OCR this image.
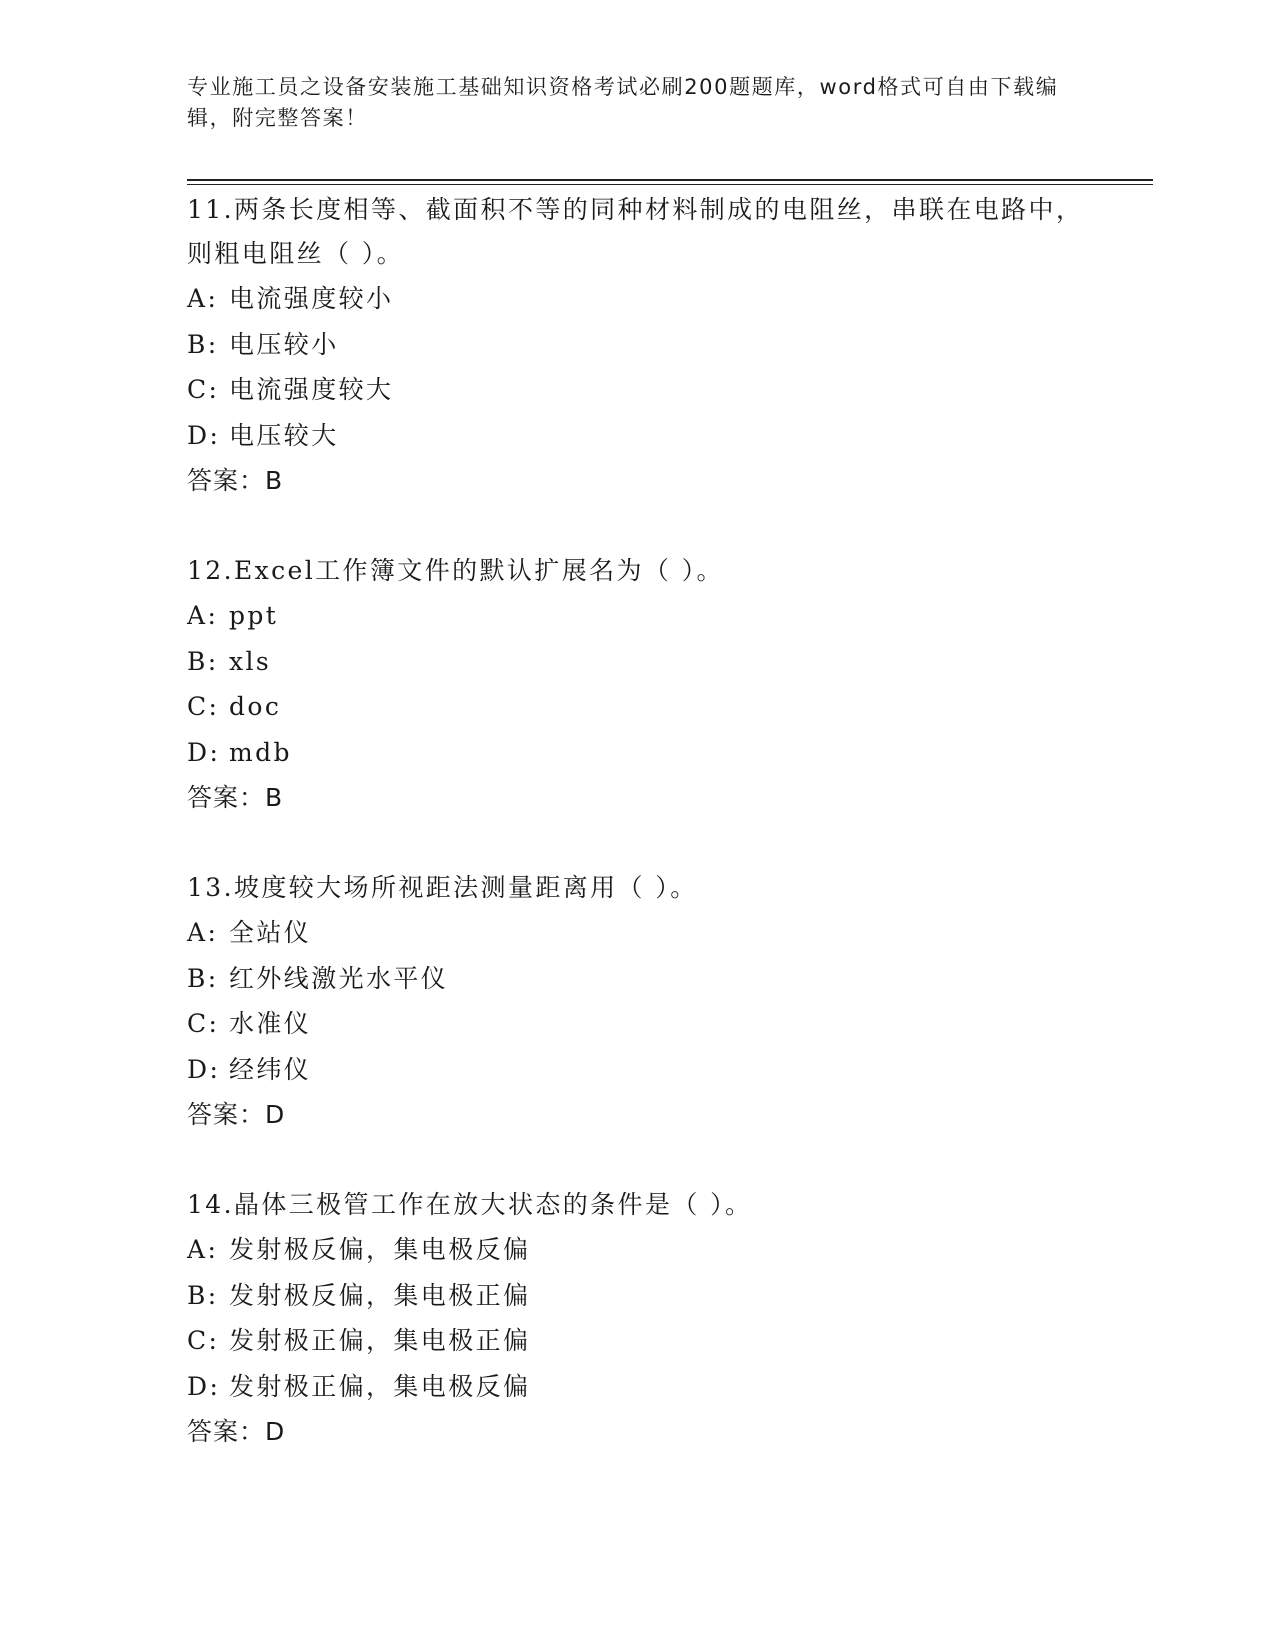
专业施工员之设备安装施工基础知识资格考试必刷200题题库，word格式可自由下载编辑，附完整答案！

11.两条长度相等、截面积不等的同种材料制成的电阻丝，串联在电路中，则粗电阻丝（ ）。

A: 电流强度较小

B: 电压较小

C: 电流强度较大

D: 电压较大

答案：B

12.Excel工作簿文件的默认扩展名为（ ）。

A: ppt

B: xls

C: doc

D: mdb

答案：B

13.坡度较大场所视距法测量距离用（ ）。

A: 全站仪

B: 红外线激光水平仪

C: 水准仪

D: 经纬仪

答案：D

14.晶体三极管工作在放大状态的条件是（ ）。

A: 发射极反偏，集电极反偏

B: 发射极反偏，集电极正偏

C: 发射极正偏，集电极正偏

D: 发射极正偏，集电极反偏

答案：D
